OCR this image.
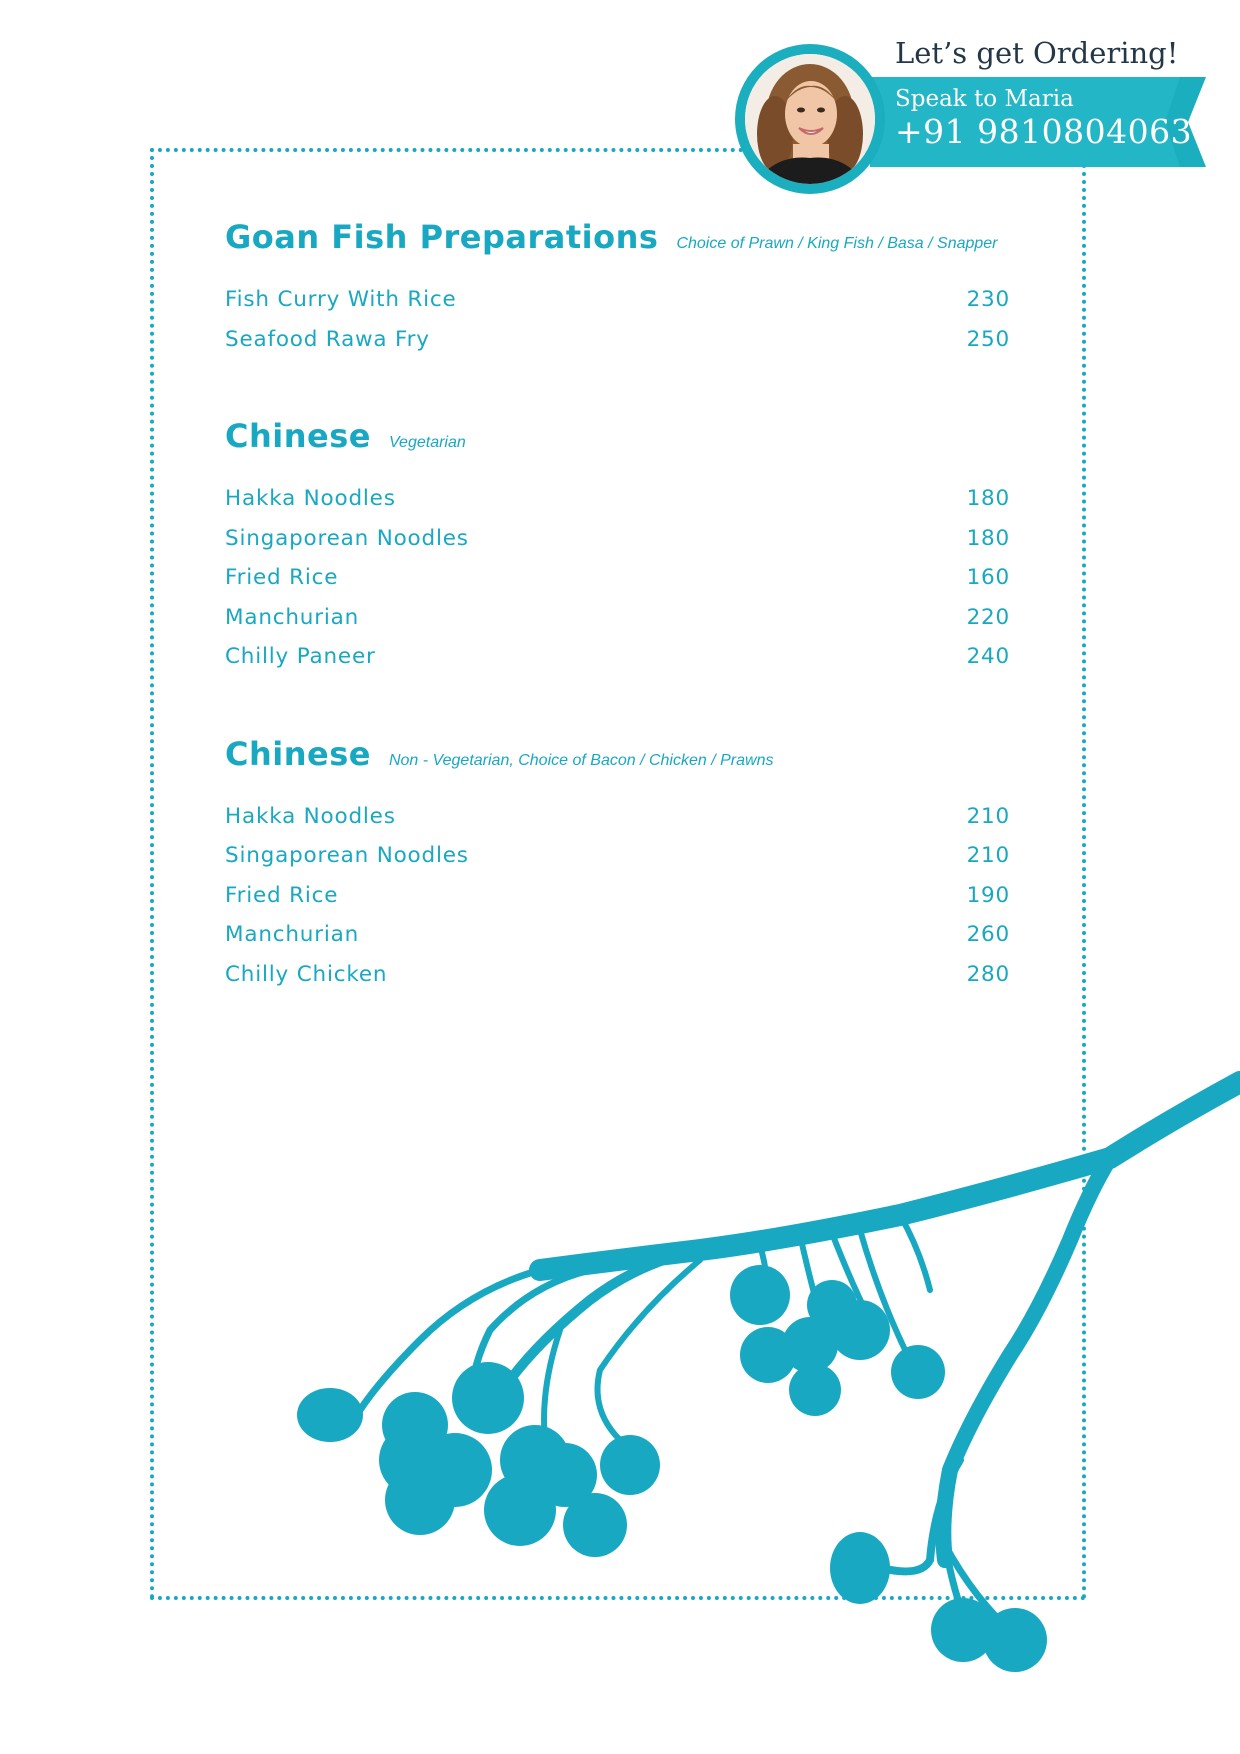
Let’s get Ordering!
Speak to Maria
+91 9810804063
Goan Fish Preparations Choice of Prawn / King Fish / Basa / Snapper
Fish Curry With Rice	230
Seafood Rawa Fry	250
Chinese Vegetarian
Hakka Noodles	180
Singaporean Noodles	180
Fried Rice	160
Manchurian	220
Chilly Paneer	240
Chinese Non - Vegetarian, Choice of Bacon / Chicken / Prawns
Hakka Noodles	210
Singaporean Noodles	210
Fried Rice	190
Manchurian	260
Chilly Chicken	280
